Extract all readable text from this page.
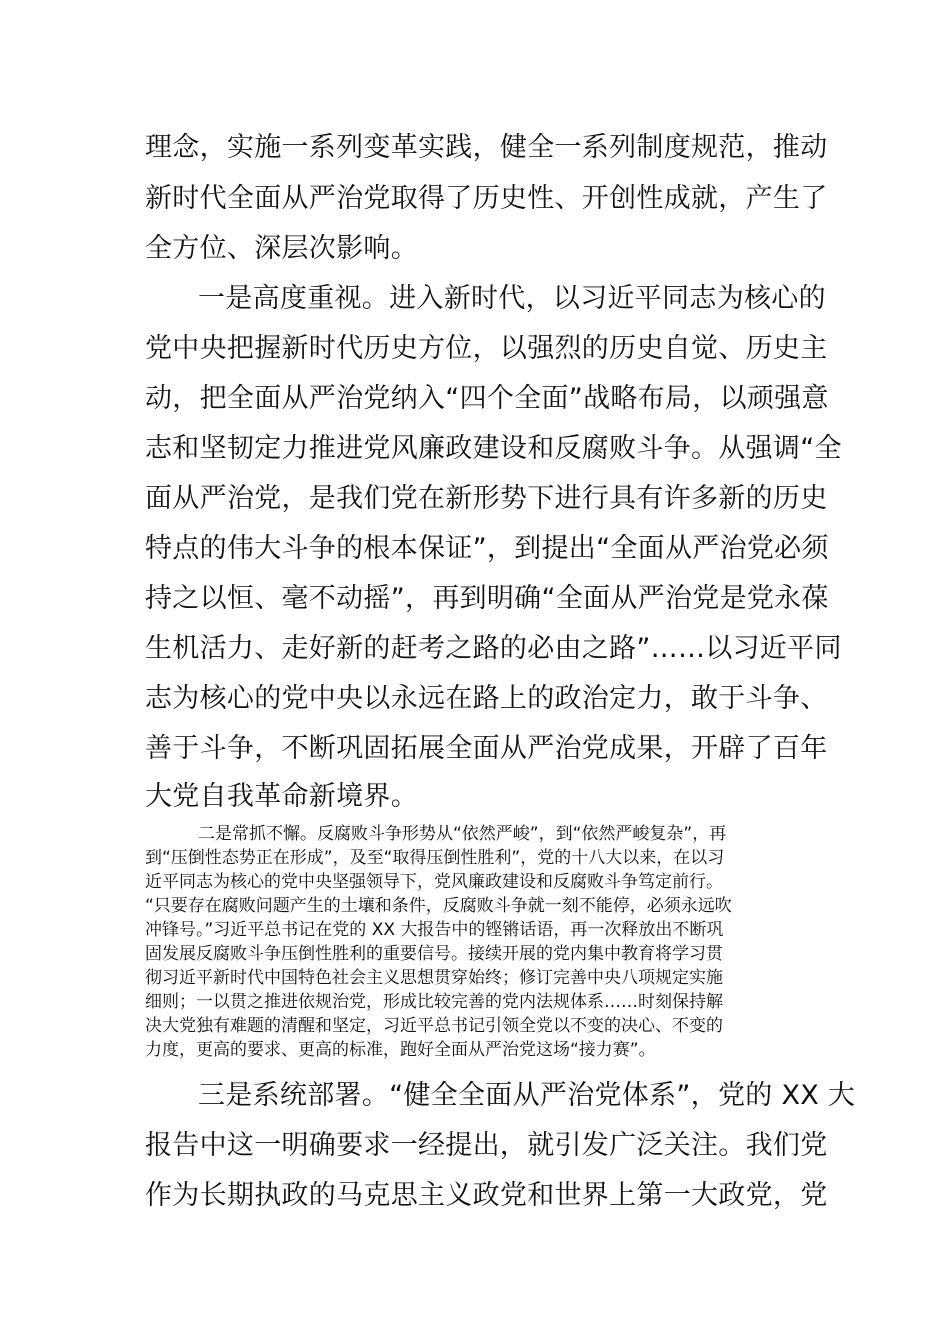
理念，实施一系列变革实践，健全一系列制度规范，推动

新时代全面从严治党取得了历史性、开创性成就，产生了

全方位、深层次影响。

一是高度重视。进入新时代，以习近平同志为核心的

党中央把握新时代历史方位，以强烈的历史自觉、历史主

动，把全面从严治党纳入“四个全面”战略布局，以顽强意

志和坚韧定力推进党风廉政建设和反腐败斗争。从强调“全

面从严治党，是我们党在新形势下进行具有许多新的历史

特点的伟大斗争的根本保证”，到提出“全面从严治党必须

持之以恒、毫不动摇”，再到明确“全面从严治党是党永葆

生机活力、走好新的赶考之路的必由之路”……以习近平同

志为核心的党中央以永远在路上的政治定力，敢于斗争、

善于斗争，不断巩固拓展全面从严治党成果，开辟了百年

大党自我革命新境界。

二是常抓不懈。反腐败斗争形势从“依然严峻”，到“依然严峻复杂”，再

到“压倒性态势正在形成”，及至“取得压倒性胜利”，党的十八大以来，在以习

近平同志为核心的党中央坚强领导下，党风廉政建设和反腐败斗争笃定前行。

“只要存在腐败问题产生的土壤和条件，反腐败斗争就一刻不能停，必须永远吹

冲锋号。”习近平总书记在党的 XX 大报告中的铿锵话语，再一次释放出不断巩

固发展反腐败斗争压倒性胜利的重要信号。接续开展的党内集中教育将学习贯

彻习近平新时代中国特色社会主义思想贯穿始终；修订完善中央八项规定实施

细则；一以贯之推进依规治党，形成比较完善的党内法规体系……时刻保持解

决大党独有难题的清醒和坚定，习近平总书记引领全党以不变的决心、不变的

力度，更高的要求、更高的标准，跑好全面从严治党这场“接力赛”。

三是系统部署。“健全全面从严治党体系”，党的 XX 大

报告中这一明确要求一经提出，就引发广泛关注。我们党

作为长期执政的马克思主义政党和世界上第一大政党，党
